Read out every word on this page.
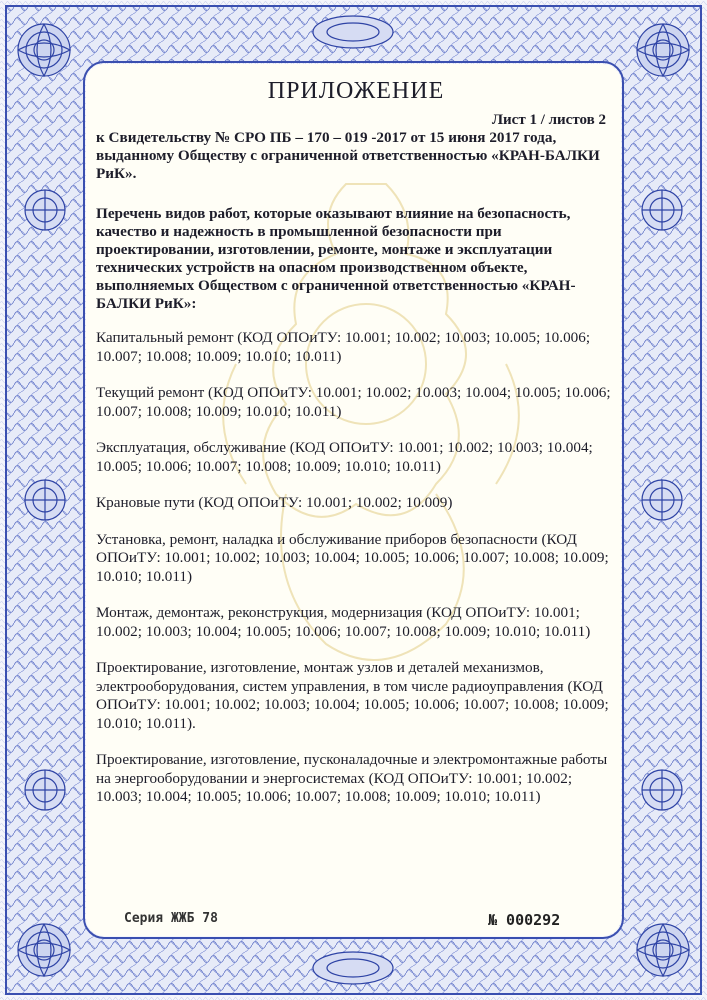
ПРИЛОЖЕНИЕ
Лист 1 / листов 2
к Свидетельству № СРО ПБ – 170 – 019 -2017 от 15 июня 2017 года, выданному Обществу с ограниченной ответственностью «КРАН-БАЛКИ РиК».
Перечень видов работ, которые оказывают влияние на безопасность, качество и надежность в промышленной безопасности при проектировании, изготовлении, ремонте, монтаже и эксплуатации технических устройств на опасном производственном объекте, выполняемых Обществом с ограниченной ответственностью «КРАН-БАЛКИ РиК»:

Капитальный ремонт (КОД ОПОиТУ: 10.001; 10.002; 10.003; 10.005; 10.006; 10.007; 10.008; 10.009; 10.010; 10.011)

Текущий ремонт (КОД ОПОиТУ: 10.001; 10.002; 10.003; 10.004; 10.005; 10.006; 10.007; 10.008; 10.009; 10.010; 10.011)

Эксплуатация, обслуживание (КОД ОПОиТУ: 10.001; 10.002; 10.003; 10.004; 10.005; 10.006; 10.007; 10.008; 10.009; 10.010; 10.011)

Крановые пути (КОД ОПОиТУ: 10.001; 10.002; 10.009)

Установка, ремонт, наладка и обслуживание приборов безопасности (КОД ОПОиТУ: 10.001; 10.002; 10.003; 10.004; 10.005; 10.006; 10.007; 10.008; 10.009; 10.010; 10.011)

Монтаж, демонтаж, реконструкция, модернизация (КОД ОПОиТУ: 10.001; 10.002; 10.003; 10.004; 10.005; 10.006; 10.007; 10.008; 10.009; 10.010; 10.011)

Проектирование, изготовление, монтаж узлов и деталей механизмов, электрооборудования, систем управления, в том числе радиоуправления (КОД ОПОиТУ: 10.001; 10.002; 10.003; 10.004; 10.005; 10.006; 10.007; 10.008; 10.009; 10.010; 10.011).

Проектирование, изготовление, пусконаладочные и электромонтажные работы на энергооборудовании и энергосистемах (КОД ОПОиТУ: 10.001; 10.002; 10.003; 10.004; 10.005; 10.006; 10.007; 10.008; 10.009; 10.010; 10.011)

Серия ЖЖБ 78	№ 000292
